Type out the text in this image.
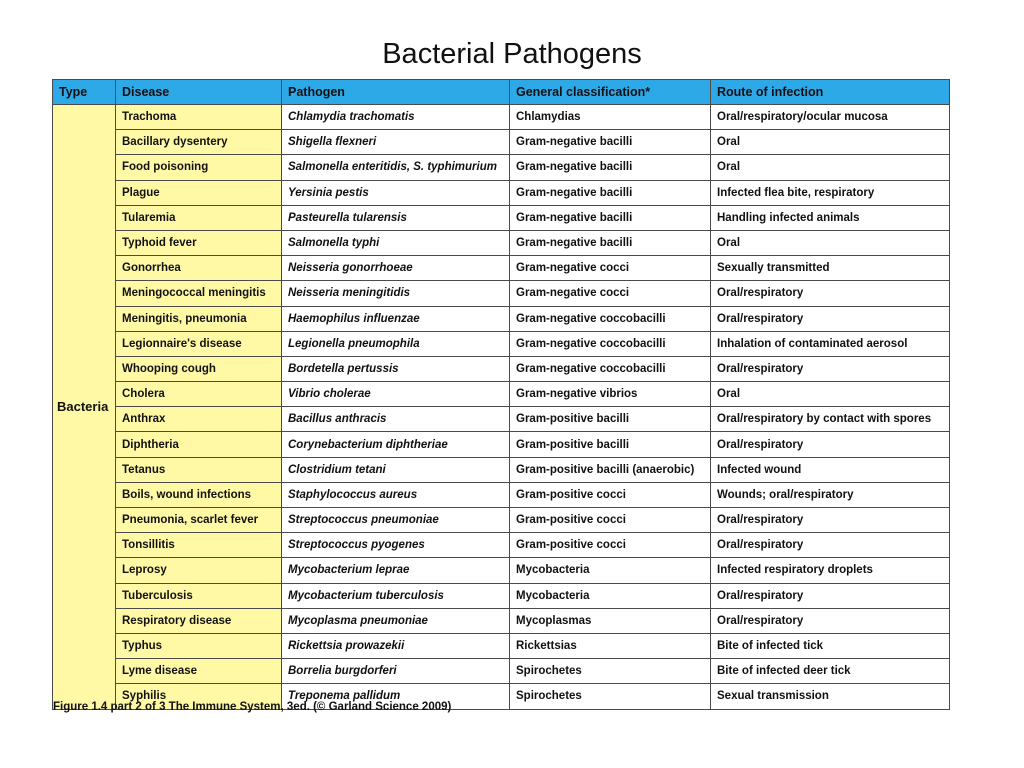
Bacterial Pathogens
Type	Disease	Pathogen	General classification*	Route of infection
Bacteria	Trachoma	Chlamydia trachomatis	Chlamydias	Oral/respiratory/ocular mucosa
	Bacillary dysentery	Shigella flexneri	Gram-negative bacilli	Oral
	Food poisoning	Salmonella enteritidis, S. typhimurium	Gram-negative bacilli	Oral
	Plague	Yersinia pestis	Gram-negative bacilli	Infected flea bite, respiratory
	Tularemia	Pasteurella tularensis	Gram-negative bacilli	Handling infected animals
	Typhoid fever	Salmonella typhi	Gram-negative bacilli	Oral
	Gonorrhea	Neisseria gonorrhoeae	Gram-negative cocci	Sexually transmitted
	Meningococcal meningitis	Neisseria meningitidis	Gram-negative cocci	Oral/respiratory
	Meningitis, pneumonia	Haemophilus influenzae	Gram-negative coccobacilli	Oral/respiratory
	Legionnaire's disease	Legionella pneumophila	Gram-negative coccobacilli	Inhalation of contaminated aerosol
	Whooping cough	Bordetella pertussis	Gram-negative coccobacilli	Oral/respiratory
	Cholera	Vibrio cholerae	Gram-negative vibrios	Oral
	Anthrax	Bacillus anthracis	Gram-positive bacilli	Oral/respiratory by contact with spores
	Diphtheria	Corynebacterium diphtheriae	Gram-positive bacilli	Oral/respiratory
	Tetanus	Clostridium tetani	Gram-positive bacilli (anaerobic)	Infected wound
	Boils, wound infections	Staphylococcus aureus	Gram-positive cocci	Wounds; oral/respiratory
	Pneumonia, scarlet fever	Streptococcus pneumoniae	Gram-positive cocci	Oral/respiratory
	Tonsillitis	Streptococcus pyogenes	Gram-positive cocci	Oral/respiratory
	Leprosy	Mycobacterium leprae	Mycobacteria	Infected respiratory droplets
	Tuberculosis	Mycobacterium tuberculosis	Mycobacteria	Oral/respiratory
	Respiratory disease	Mycoplasma pneumoniae	Mycoplasmas	Oral/respiratory
	Typhus	Rickettsia prowazekii	Rickettsias	Bite of infected tick
	Lyme disease	Borrelia burgdorferi	Spirochetes	Bite of infected deer tick
	Syphilis	Treponema pallidum	Spirochetes	Sexual transmission
Figure 1.4 part 2 of 3 The Immune System, 3ed. (© Garland Science 2009)
